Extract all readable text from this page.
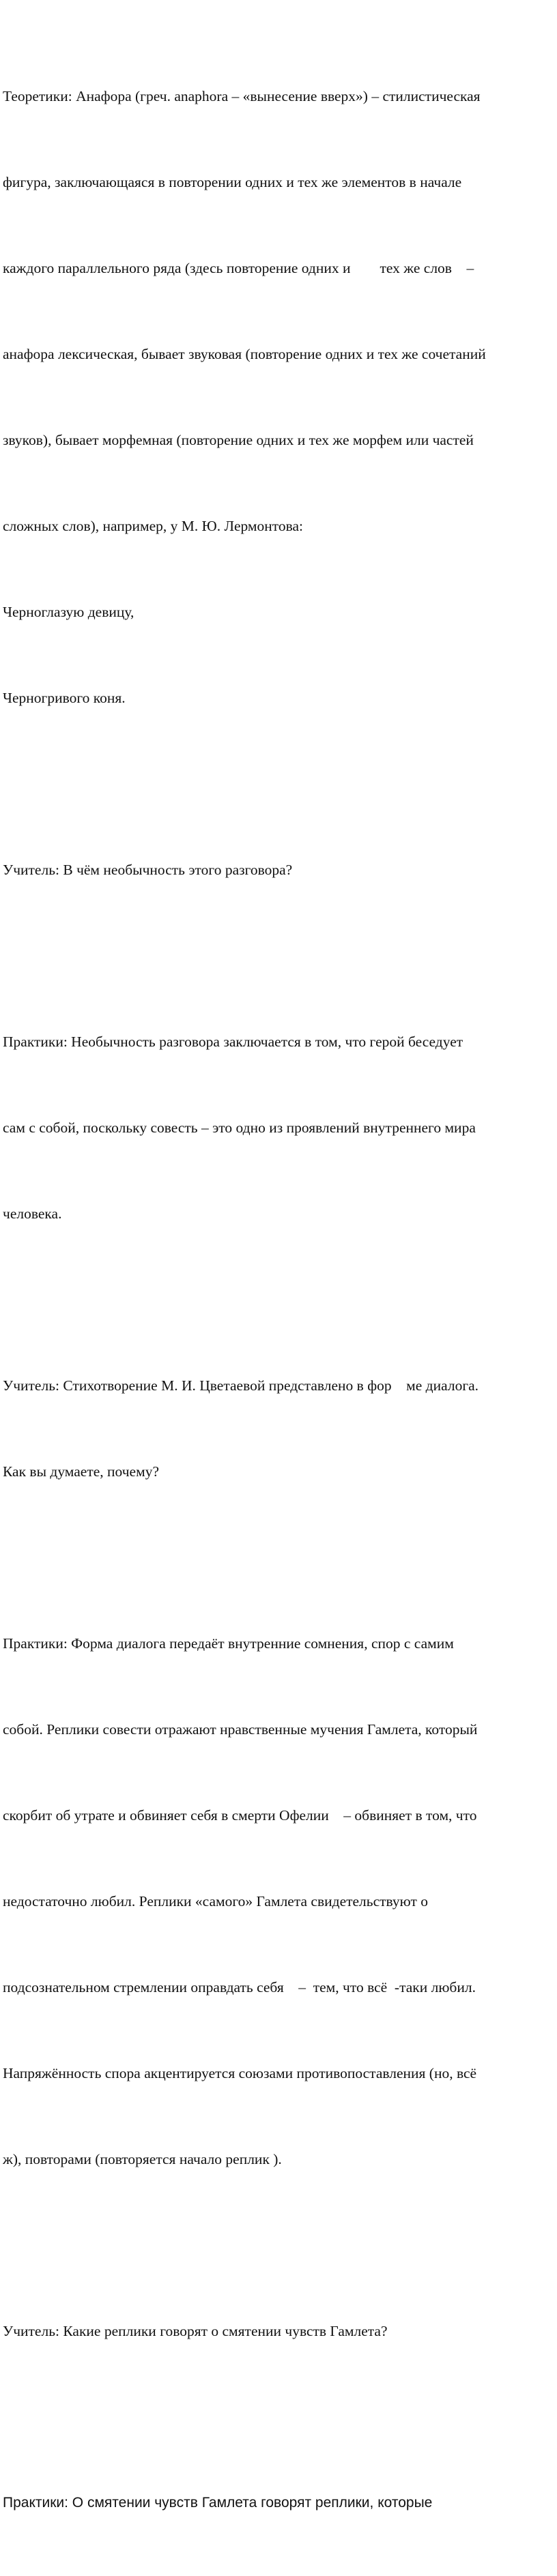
Теоретики: Анафора (греч. anaphora – «вынесение вверх») – стилистическая

фигура, заключающаяся в повторении одних и тех же элементов в начале

каждого параллельного ряда (здесь повторение одних и        тех же слов    –

анафора лексическая, бывает звуковая (повторение одних и тех же сочетаний

звуков), бывает морфемная (повторение одних и тех же морфем или частей

сложных слов), например, у М. Ю. Лермонтова:

Черноглазую девицу,

Черногривого коня.

Учитель: В чём необычность этого разговора?

Практики: Необычность разговора заключается в том, что герой беседует

сам с собой, поскольку совесть – это одно из проявлений внутреннего мира

человека.

Учитель: Стихотворение М. И. Цветаевой представлено в фор    ме диалога.

Как вы думаете, почему?

Практики: Форма диалога передаёт внутренние сомнения, спор с самим

собой. Реплики совести отражают нравственные мучения Гамлета, который

скорбит об утрате и обвиняет себя в смерти Офелии    – обвиняет в том, что

недостаточно любил. Реплики «самого» Гамлета свидетельствуют о

подсознательном стремлении оправдать себя    –  тем, что всё  -таки любил.

Напряжённость спора акцентируется союзами противопоставления (но, всё

ж), повторами (повторяется начало реплик ).

Учитель: Какие реплики говорят о смятении чувств Гамлета?

Практики: О смятении чувств Гамлета говорят реплики, которые
